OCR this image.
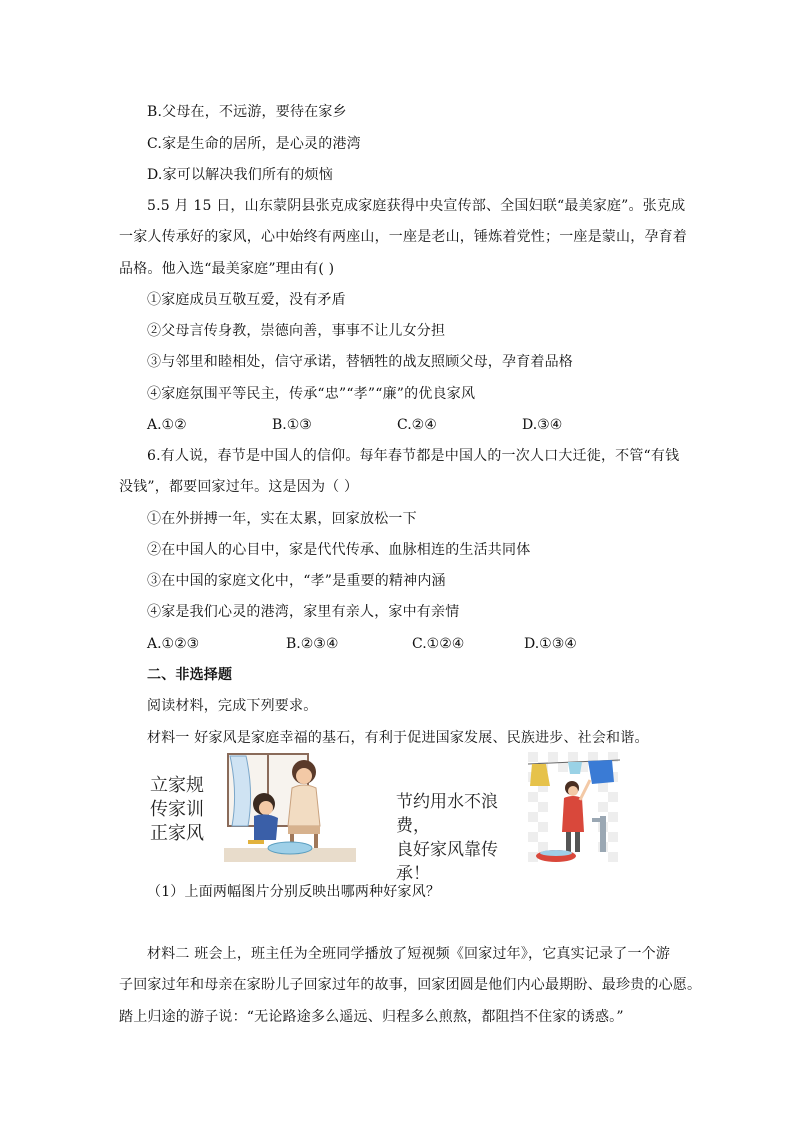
B.父母在，不远游，要待在家乡
C.家是生命的居所，是心灵的港湾
D.家可以解决我们所有的烦恼
5.5 月 15 日，山东蒙阴县张克成家庭获得中央宣传部、全国妇联“最美家庭”。张克成
一家人传承好的家风，心中始终有两座山，一座是老山，锤炼着党性；一座是蒙山，孕育着
品格。他入选“最美家庭”理由有( )
①家庭成员互敬互爱，没有矛盾
②父母言传身教，崇德向善，事事不让儿女分担
③与邻里和睦相处，信守承诺，替牺牲的战友照顾父母，孕育着品格
④家庭氛围平等民主，传承“忠”“孝”“廉”的优良家风
A.①②	B.①③	C.②④	D.③④
6.有人说，春节是中国人的信仰。每年春节都是中国人的一次人口大迁徙，不管“有钱
没钱”，都要回家过年。这是因为（ ）
①在外拼搏一年，实在太累，回家放松一下
②在中国人的心目中，家是代代传承、血脉相连的生活共同体
③在中国的家庭文化中，“孝”是重要的精神内涵
④家是我们心灵的港湾，家里有亲人，家中有亲情
A.①②③	B.②③④	C.①②④	D.①③④
二、非选择题
阅读材料，完成下列要求。
材料一 好家风是家庭幸福的基石，有利于促进国家发展、民族进步、社会和谐。
立家规
传家训
正家风
节约用水不浪费，
良好家风靠传承！
（1）上面两幅图片分别反映出哪两种好家风？
材料二 班会上，班主任为全班同学播放了短视频《回家过年》，它真实记录了一个游
子回家过年和母亲在家盼儿子回家过年的故事，回家团圆是他们内心最期盼、最珍贵的心愿。
踏上归途的游子说：“无论路途多么遥远、归程多么煎熬，都阻挡不住家的诱惑。”
